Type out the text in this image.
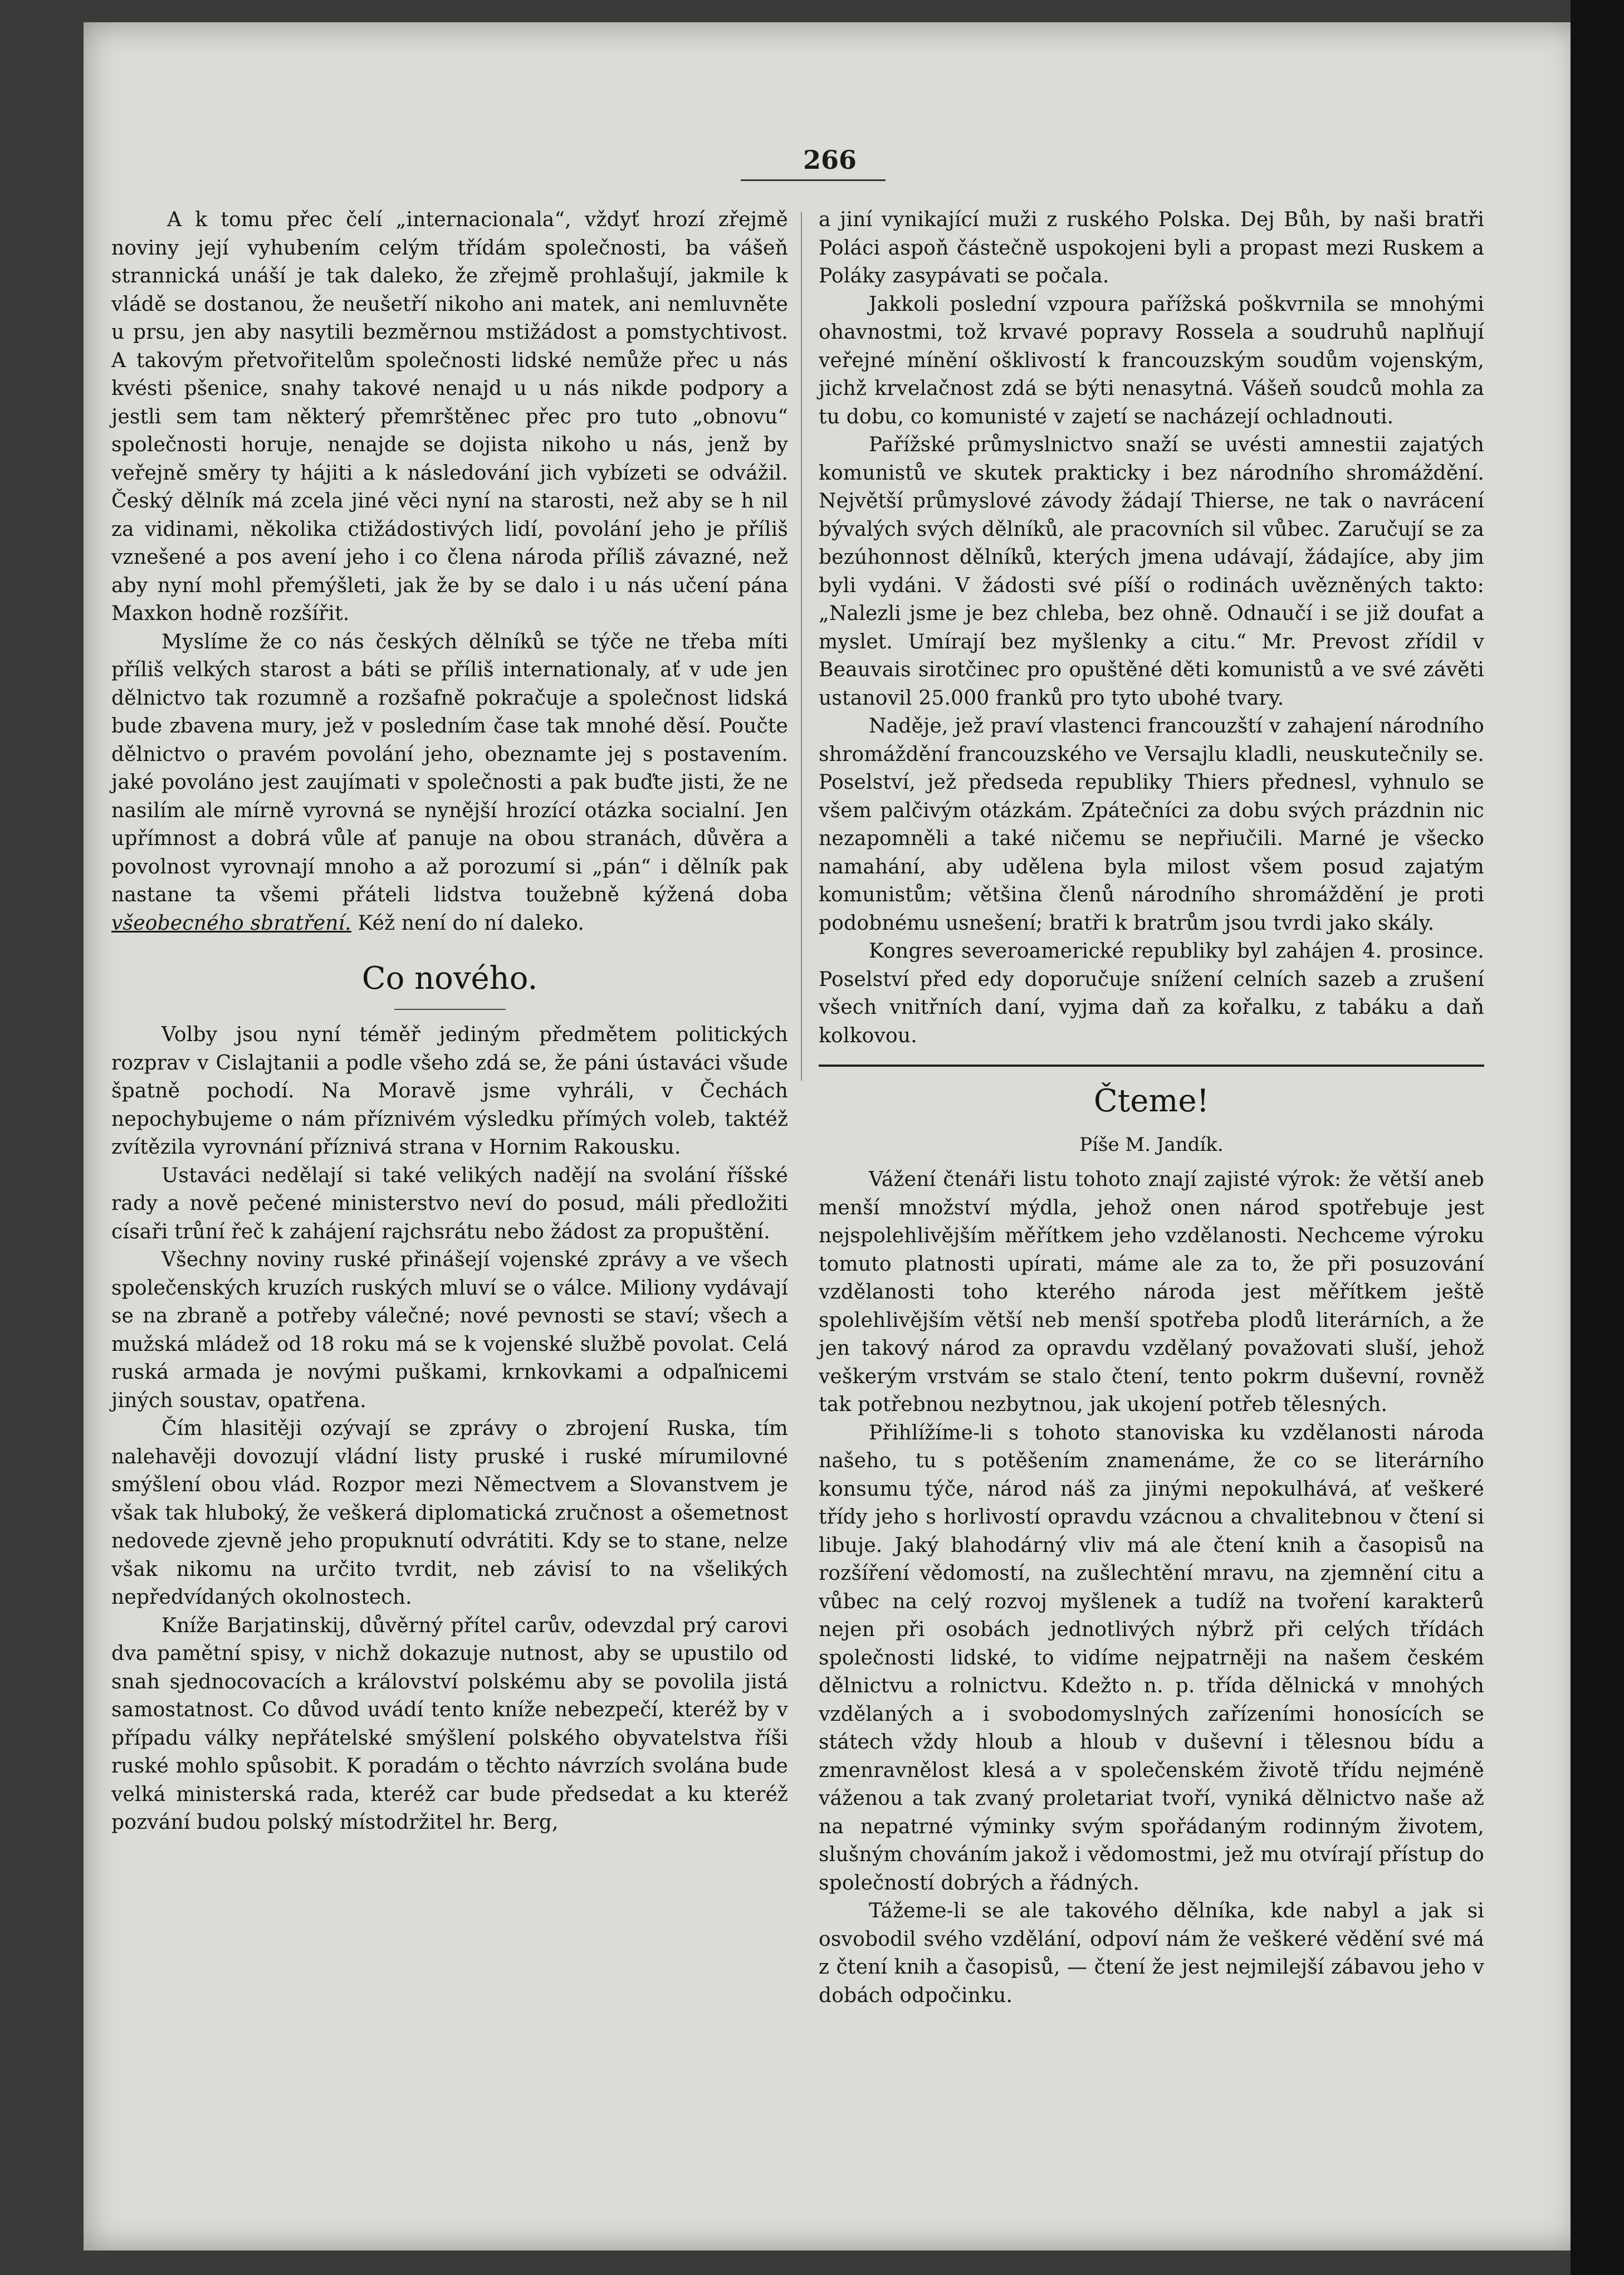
266

A k tomu přec čelí „internacionala“, vždyť hrozí zřejmě noviny její vyhubením celým třídám společnosti, ba vášeň strannická unáší je tak daleko, že zřejmě prohlašují, jakmile k vládě se dostanou, že neušetří nikoho ani matek, ani nemluvněte u prsu, jen aby nasytili bezměrnou mstižádost a pomstychtivost. A takovým přetvořitelům společnosti lidské nemůže přec u nás kvésti pšenice, snahy takové nenajd u u nás nikde podpory a jestli sem tam některý přemrštěnec přec pro tuto „obnovu“ společnosti horuje, nenajde se dojista nikoho u nás, jenž by veřejně směry ty hájiti a k následování jich vybízeti se odvážil. Český dělník má zcela jiné věci nyní na starosti, než aby se h nil za vidinami, několika ctižádostivých lidí, povolání jeho je příliš vznešené a pos avení jeho i co člena národa příliš závazné, než aby nyní mohl přemýšleti, jak že by se dalo i u nás učení pána Maxkon hodně rozšířit.

Myslíme že co nás českých dělníků se týče ne třeba míti příliš velkých starost a báti se příliš internationaly, ať v ude jen dělnictvo tak rozumně a rozšafně pokračuje a společnost lidská bude zbavena mury, jež v posledním čase tak mnohé děsí. Poučte dělnictvo o pravém povolání jeho, obeznamte jej s postavením. jaké povoláno jest zaujímati v společnosti a pak buďte jisti, že ne nasilím ale mírně vyrovná se nynější hrozící otázka socialní. Jen upřímnost a dobrá vůle ať panuje na obou stranách, důvěra a povolnost vyrovnají mnoho a až porozumí si „pán“ i dělník pak nastane ta všemi přáteli lidstva toužebně kýžená doba všeobecného sbratření. Kéž není do ní daleko.

Co nového.

Volby jsou nyní téměř jediným předmětem politických rozprav v Cislajtanii a podle všeho zdá se, že páni ústaváci všude špatně pochodí. Na Moravě jsme vyhráli, v Čechách nepochybujeme o nám příznivém výsledku přímých voleb, taktéž zvítězila vyrovnání příznivá strana v Hornim Rakousku.

Ustaváci nedělají si také velikých nadějí na svolání říšské rady a nově pečené ministerstvo neví do posud, máli předložiti císaři trůní řeč k zahájení rajchsrátu nebo žádost za propuštění.

Všechny noviny ruské přinášejí vojenské zprávy a ve všech společenských kruzích ruských mluví se o válce. Miliony vydávají se na zbraně a potřeby válečné; nové pevnosti se staví; všech a mužská mládež od 18 roku má se k vojenské službě povolat. Celá ruská armada je novými puškami, krnkovkami a odpaľnicemi jiných soustav, opatřena.

Čím hlasitěji ozývají se zprávy o zbrojení Ruska, tím nalehavěji dovozují vládní listy pruské i ruské mírumilovné smýšlení obou vlád. Rozpor mezi Němectvem a Slovanstvem je však tak hluboký, že veškerá diplomatická zručnost a ošemetnost nedovede zjevně jeho propuknutí odvrátiti. Kdy se to stane, nelze však nikomu na určito tvrdit, neb závisí to na všelikých nepředvídaných okolnostech.

Kníže Barjatinskij, důvěrný přítel carův, odevzdal prý carovi dva pamětní spisy, v nichž dokazuje nutnost, aby se upustilo od snah sjednocovacích a království polskému aby se povolila jistá samostatnost. Co důvod uvádí tento kníže nebezpečí, kteréž by v případu války nepřátelské smýšlení polského obyvatelstva říši ruské mohlo spůsobit. K poradám o těchto návrzích svolána bude velká ministerská rada, kteréž car bude předsedat a ku kteréž pozvání budou polský místodržitel hr. Berg,

a jiní vynikající muži z ruského Polska. Dej Bůh, by naši bratři Poláci aspoň částečně uspokojeni byli a propast mezi Ruskem a Poláky zasypávati se počala.

Jakkoli poslední vzpoura pařížská poškvrnila se mnohými ohavnostmi, tož krvavé popravy Rossela a soudruhů naplňují veřejné mínění ošklivostí k francouzským soudům vojenským, jichž krvelačnost zdá se býti nenasytná. Vášeň soudců mohla za tu dobu, co komunisté v zajetí se nacházejí ochladnouti.

Pařížské průmyslnictvo snaží se uvésti amnestii zajatých komunistů ve skutek prakticky i bez národního shromáždění. Největší průmyslové závody žádají Thierse, ne tak o navrácení bývalých svých dělníků, ale pracovních sil vůbec. Zaručují se za bezúhonnost dělníků, kterých jmena udávají, žádajíce, aby jim byli vydáni. V žádosti své píší o rodinách uvězněných takto: „Nalezli jsme je bez chleba, bez ohně. Odnaučí i se již doufat a myslet. Umírají bez myšlenky a citu.“ Mr. Prevost zřídil v Beauvais sirotčinec pro opuštěné děti komunistů a ve své závěti ustanovil 25.000 franků pro tyto ubohé tvary.

Naděje, jež praví vlastenci francouzští v zahajení národního shromáždění francouzského ve Versajlu kladli, neuskutečnily se. Poselství, jež předseda republiky Thiers přednesl, vyhnulo se všem palčivým otázkám. Zpátečníci za dobu svých prázdnin nic nezapomněli a také ničemu se nepřiučili. Marné je všecko namahání, aby udělena byla milost všem posud zajatým komunistům; většina členů národního shromáždění je proti podobnému usnešení; bratři k bratrům jsou tvrdi jako skály.

Kongres severoamerické republiky byl zahájen 4. prosince. Poselství před edy doporučuje snížení celních sazeb a zrušení všech vnitřních daní, vyjma daň za kořalku, z tabáku a daň kolkovou.

Čteme!
Píše M. Jandík.

Vážení čtenáři listu tohoto znají zajisté výrok: že větší aneb menší množství mýdla, jehož onen národ spotřebuje jest nejspolehlivějším měřítkem jeho vzdělanosti. Nechceme výroku tomuto platnosti upírati, máme ale za to, že při posuzování vzdělanosti toho kterého národa jest měřítkem ještě spolehlivějším větší neb menší spotřeba plodů literárních, a že jen takový národ za opravdu vzdělaný považovati sluší, jehož veškerým vrstvám se stalo čtení, tento pokrm duševní, rovněž tak potřebnou nezbytnou, jak ukojení potřeb tělesných.

Přihlížíme-li s tohoto stanoviska ku vzdělanosti národa našeho, tu s potěšením znamenáme, že co se literárního konsumu týče, národ náš za jinými nepokulhává, ať veškeré třídy jeho s horlivostí opravdu vzácnou a chvalitebnou v čtení si libuje. Jaký blahodárný vliv má ale čtení knih a časopisů na rozšíření vědomostí, na zušlechtění mravu, na zjemnění citu a vůbec na celý rozvoj myšlenek a tudíž na tvoření karakterů nejen při osobách jednotlivých nýbrž při celých třídách společnosti lidské, to vidíme nejpatrněji na našem českém dělnictvu a rolnictvu. Kdežto n. p. třída dělnická v mnohých vzdělaných a i svobodomyslných zařízeními honosících se státech vždy hloub a hloub v duševní i tělesnou bídu a zmenravnělost klesá a v společenském životě třídu nejméně váženou a tak zvaný proletariat tvoří, vyniká dělnictvo naše až na nepatrné výminky svým spořádaným rodinným životem, slušným chováním jakož i vědomostmi, jež mu otvírají přístup do společností dobrých a řádných.

Tážeme-li se ale takového dělníka, kde nabyl a jak si osvobodil svého vzdělání, odpoví nám že veškeré vědění své má z čtení knih a časopisů, — čtení že jest nejmilejší zábavou jeho v dobách odpočinku.
